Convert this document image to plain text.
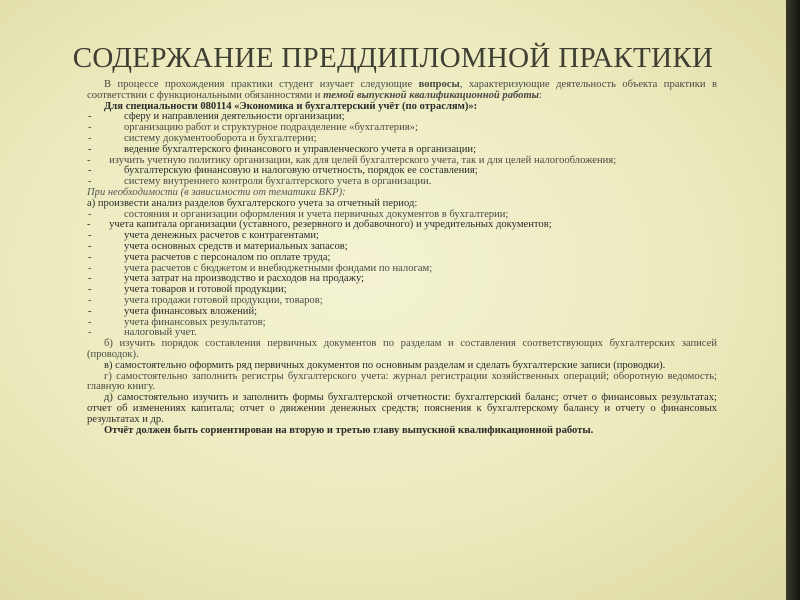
СОДЕРЖАНИЕ ПРЕДДИПЛОМНОЙ ПРАКТИКИ

В процессе прохождения практики студент изучает следующие вопросы, характеризующие деятельность объекта практики в соответствии с функциональными обязанностями и темой выпускной квалификационной работы:

Для специальности 080114 «Экономика и бухгалтерский учёт (по отраслям)»:

-	сферу и направления деятельности организации;

-	организацию работ и структурное подразделение «бухгалтерия»;

-	систему документооборота и бухгалтерии;

-	ведение бухгалтерского финансового и управленческого учета в организации;

- изучить учетную политику организации, как для целей бухгалтерского учета, так и для целей налогообложения;

-	бухгалтерскую финансовую и налоговую отчетность, порядок ее составления;

-	систему внутреннего контроля бухгалтерского учета в организации.

При необходимости (в зависимости от тематики ВКР):

а) произвести анализ разделов бухгалтерского учета за отчетный период:

-	состояния и организации оформления и учета первичных документов в бухгалтерии;

- учета капитала организации (уставного, резервного и добавочного) и учредительных документов;

-	учета денежных расчетов с контрагентами;

-	учета основных средств и материальных запасов;

-	учета расчетов с персоналом по оплате труда;

-	учета расчетов с бюджетом и внебюджетными фондами по налогам;

-	учета затрат на производство и расходов на продажу;

-	учета товаров и готовой продукции;

-	учета продажи готовой продукции, товаров;

-	учета финансовых вложений;

-	учета финансовых результатов;

-	налоговый учет.

б) изучить порядок составления первичных документов по разделам и составления соответствующих бухгалтерских записей (проводок).

в) самостоятельно оформить ряд первичных документов по основным разделам и сделать бухгалтерские записи (проводки).

г) самостоятельно заполнить регистры бухгалтерского учета: журнал регистрации хозяйственных операций; оборотную ведомость; главную книгу.

д) самостоятельно изучить и заполнить формы бухгалтерской отчетности: бухгалтерский баланс; отчет о финансовых результатах; отчет об изменениях капитала; отчет о движении денежных средств; пояснения к бухгалтерскому балансу и отчету о финансовых результатах и др.

Отчёт должен быть сориентирован на вторую и третью главу выпускной квалификационной работы.
